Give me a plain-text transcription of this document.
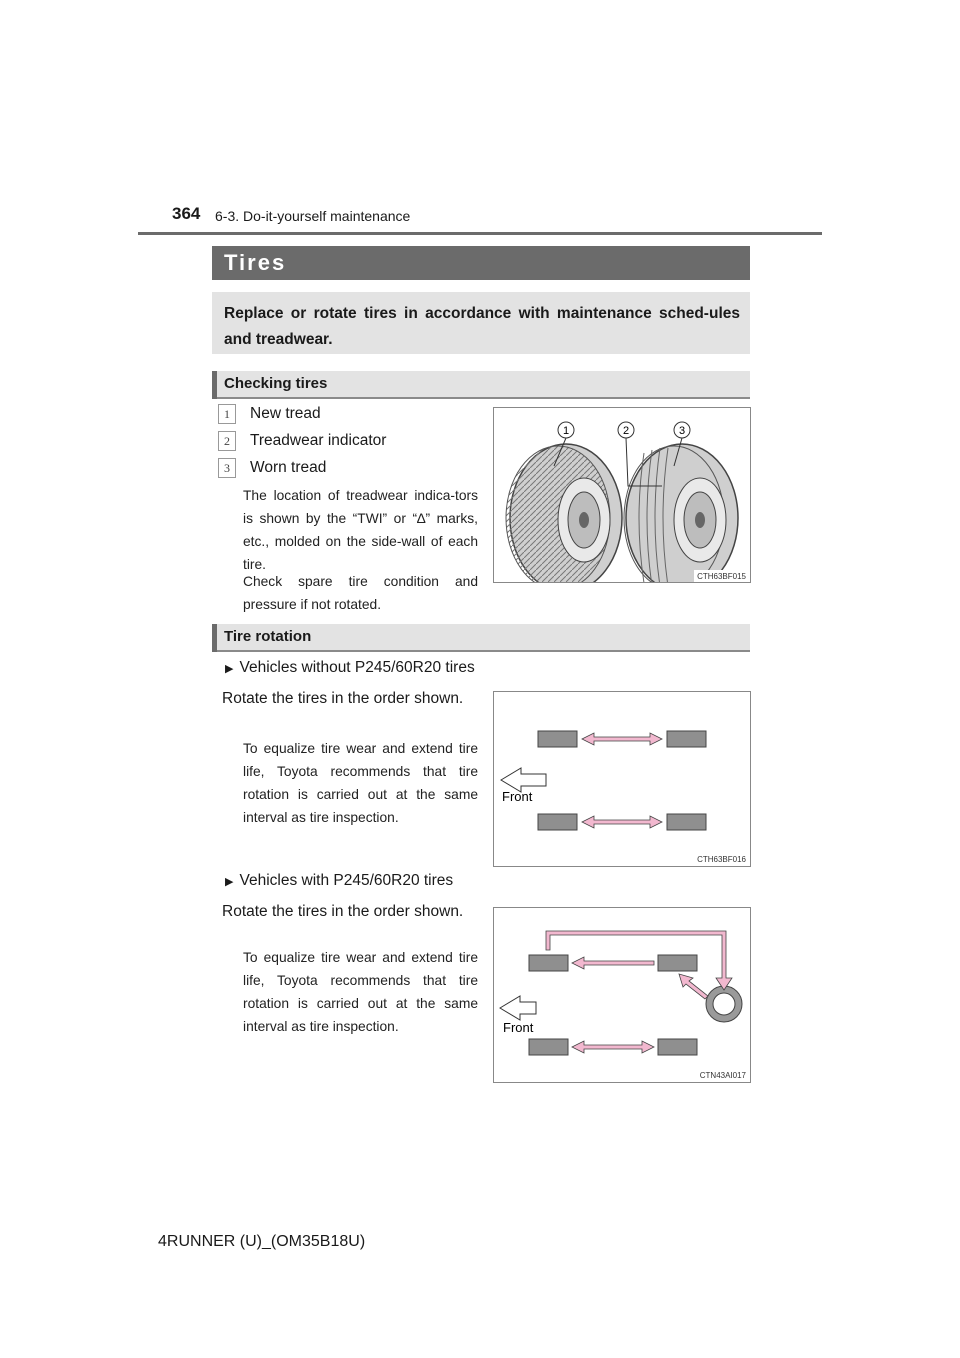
364 6-3. Do-it-yourself maintenance
Tires
Replace or rotate tires in accordance with maintenance sched-ules and treadwear.
Checking tires
1 New tread
2 Treadwear indicator
3 Worn tread
The location of treadwear indica-tors is shown by the “TWI” or “∆” marks, etc., molded on the side-wall of each tire.
Check spare tire condition and pressure if not rotated.
1	2	3
CTH63BF015
Tire rotation
▶ Vehicles without P245/60R20 tires
Rotate the tires in the order shown.
To equalize tire wear and extend tire life, Toyota recommends that tire rotation is carried out at the same interval as tire inspection.
Front
CTH63BF016
▶ Vehicles with P245/60R20 tires
Rotate the tires in the order shown.
To equalize tire wear and extend tire life, Toyota recommends that tire rotation is carried out at the same interval as tire inspection.	Front
CTN43AI017
4RUNNER (U)_(OM35B18U)
